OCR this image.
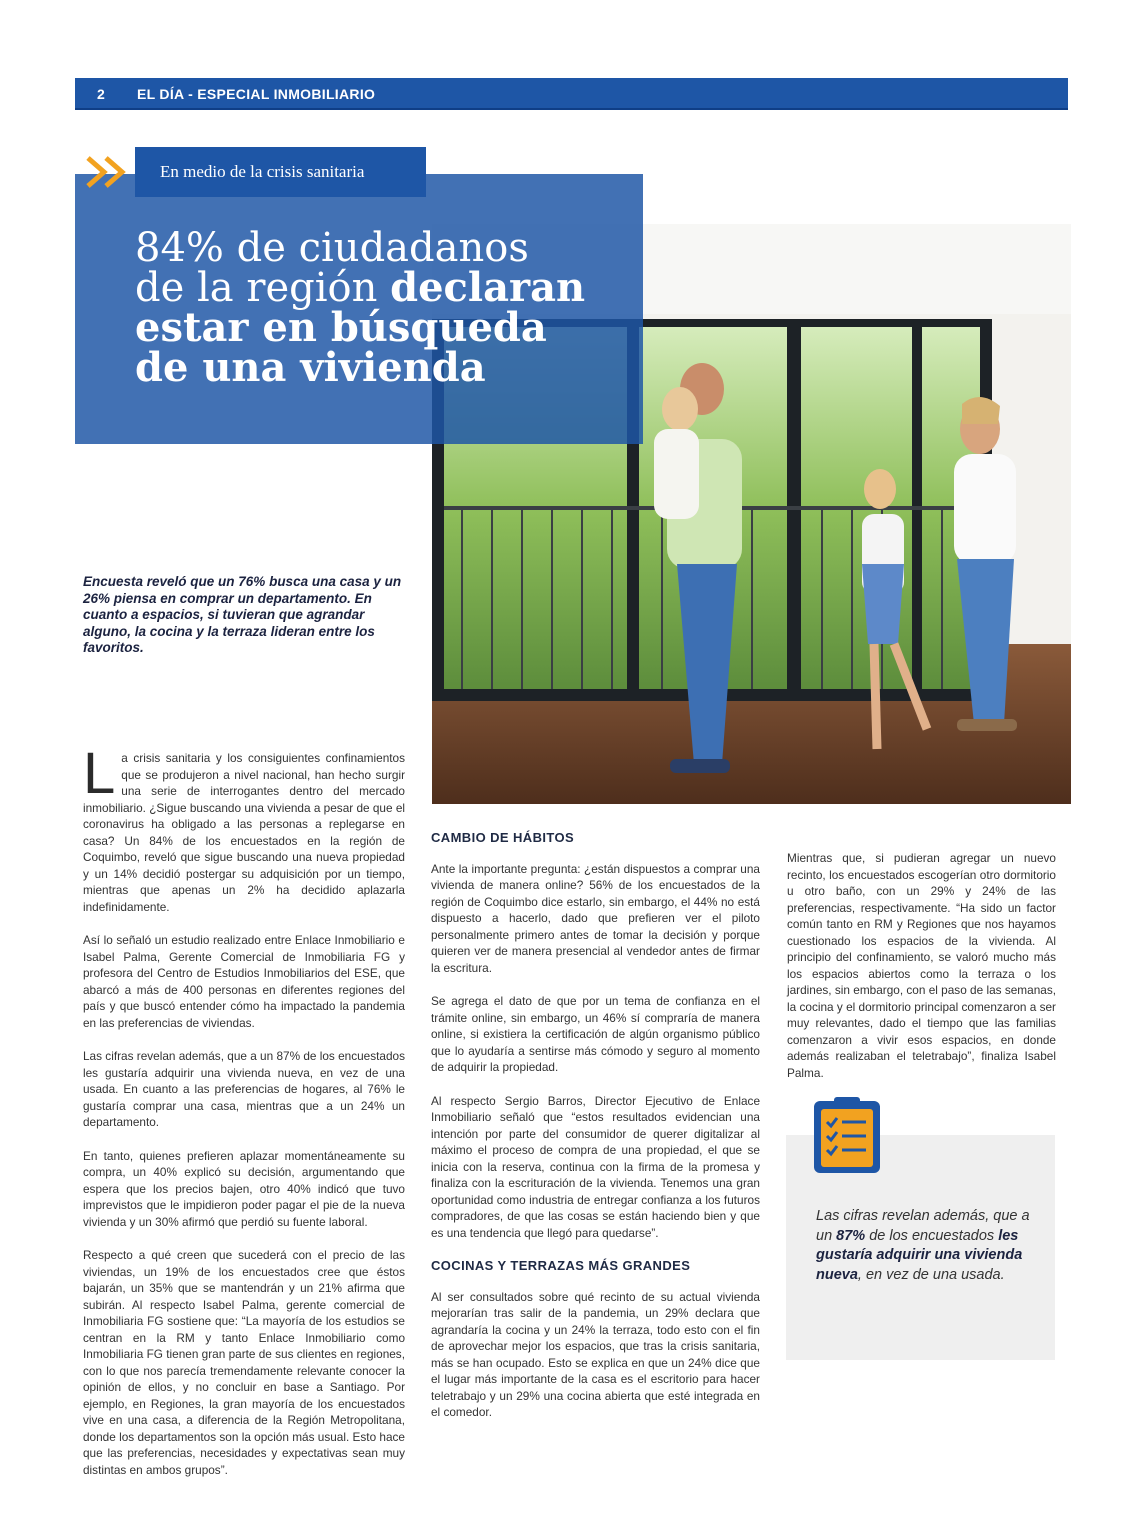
2 EL DÍA - ESPECIAL INMOBILIARIO
En medio de la crisis sanitaria
84% de ciudadanos
de la región declaran
estar en búsqueda
de una vivienda

Encuesta reveló que un 76% busca una casa y un 26% piensa en comprar un departamento. En cuanto a espacios, si tuvieran que agrandar alguno, la cocina y la terraza lideran entre los favoritos.

La crisis sanitaria y los consiguientes confinamientos que se produjeron a nivel nacional, han hecho surgir una serie de interrogantes dentro del mercado inmobiliario. ¿Sigue buscando una vivienda a pesar de que el coronavirus ha obligado a las personas a replegarse en casa? Un 84% de los encuestados en la región de Coquimbo, reveló que sigue buscando una nueva propiedad y un 14% decidió postergar su adquisición por un tiempo, mientras que apenas un 2% ha decidido aplazarla indefinidamente.

Así lo señaló un estudio realizado entre Enlace Inmobiliario e Isabel Palma, Gerente Comercial de Inmobiliaria FG y profesora del Centro de Estudios Inmobiliarios del ESE, que abarcó a más de 400 personas en diferentes regiones del país y que buscó entender cómo ha impactado la pandemia en las preferencias de viviendas.

Las cifras revelan además, que a un 87% de los encuestados les gustaría adquirir una vivienda nueva, en vez de una usada. En cuanto a las preferencias de hogares, al 76% le gustaría comprar una casa, mientras que a un 24% un departamento.

En tanto, quienes prefieren aplazar momentáneamente su compra, un 40% explicó su decisión, argumentando que espera que los precios bajen, otro 40% indicó que tuvo imprevistos que le impidieron poder pagar el pie de la nueva vivienda y un 30% afirmó que perdió su fuente laboral.

Respecto a qué creen que sucederá con el precio de las viviendas, un 19% de los encuestados cree que éstos bajarán, un 35% que se mantendrán y un 21% afirma que subirán. Al respecto Isabel Palma, gerente comercial de Inmobiliaria FG sostiene que: “La mayoría de los estudios se centran en la RM y tanto Enlace Inmobiliario como Inmobiliaria FG tienen gran parte de sus clientes en regiones, con lo que nos parecía tremendamente relevante conocer la opinión de ellos, y no concluir en base a Santiago. Por ejemplo, en Regiones, la gran mayoría de los encuestados vive en una casa, a diferencia de la Región Metropolitana, donde los departamentos son la opción más usual. Esto hace que las preferencias, necesidades y expectativas sean muy distintas en ambos grupos”.

CAMBIO DE HÁBITOS

Ante la importante pregunta: ¿están dispuestos a comprar una vivienda de manera online? 56% de los encuestados de la región de Coquimbo dice estarlo, sin embargo, el 44% no está dispuesto a hacerlo, dado que prefieren ver el piloto personalmente primero antes de tomar la decisión y porque quieren ver de manera presencial al vendedor antes de firmar la escritura.

Se agrega el dato de que por un tema de confianza en el trámite online, sin embargo, un 46% sí compraría de manera online, si existiera la certificación de algún organismo público que lo ayudaría a sentirse más cómodo y seguro al momento de adquirir la propiedad.

Al respecto Sergio Barros, Director Ejecutivo de Enlace Inmobiliario señaló que “estos resultados evidencian una intención por parte del consumidor de querer digitalizar al máximo el proceso de compra de una propiedad, el que se inicia con la reserva, continua con la firma de la promesa y finaliza con la escrituración de la vivienda. Tenemos una gran oportunidad como industria de entregar confianza a los futuros compradores, de que las cosas se están haciendo bien y que es una tendencia que llegó para quedarse”.

COCINAS Y TERRAZAS MÁS GRANDES

Al ser consultados sobre qué recinto de su actual vivienda mejorarían tras salir de la pandemia, un 29% declara que agrandaría la cocina y un 24% la terraza, todo esto con el fin de aprovechar mejor los espacios, que tras la crisis sanitaria, más se han ocupado. Esto se explica en que un 24% dice que el lugar más importante de la casa es el escritorio para hacer teletrabajo y un 29% una cocina abierta que esté integrada en el comedor.

Mientras que, si pudieran agregar un nuevo recinto, los encuestados escogerían otro dormitorio u otro baño, con un 29% y 24% de las preferencias, respectivamente. “Ha sido un factor común tanto en RM y Regiones que nos hayamos cuestionado los espacios de la vivienda. Al principio del confinamiento, se valoró mucho más los espacios abiertos como la terraza o los jardines, sin embargo, con el paso de las semanas, la cocina y el dormitorio principal comenzaron a ser muy relevantes, dado el tiempo que las familias comenzaron a vivir esos espacios, en donde además realizaban el teletrabajo”, finaliza Isabel Palma.

Las cifras revelan además, que a un 87% de los encuestados les gustaría adquirir una vivienda nueva, en vez de una usada.
